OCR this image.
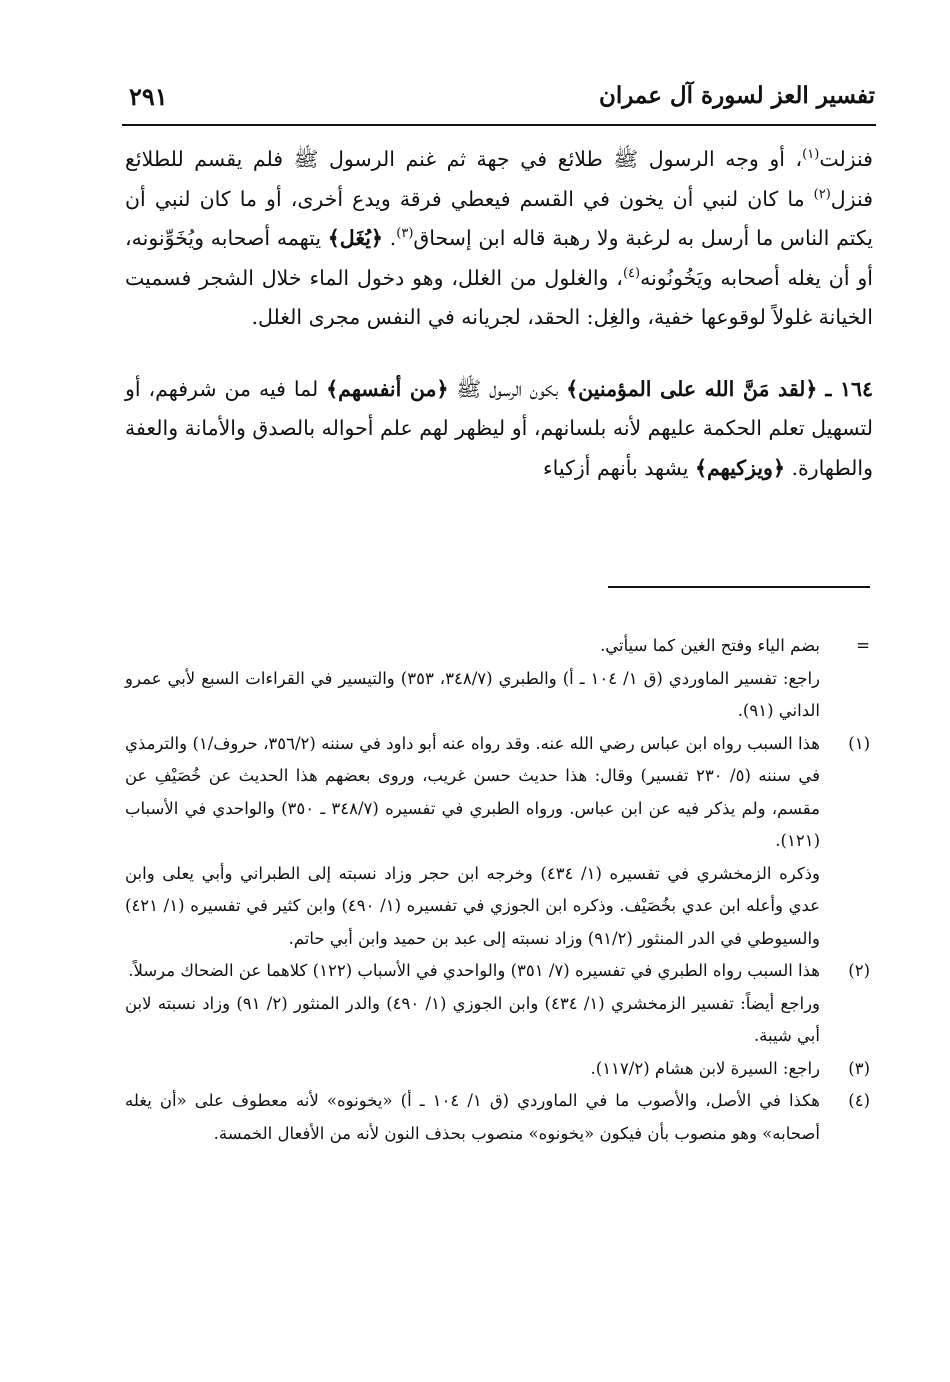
تفسير العز لسورة آل عمران
٢٩١

فنزلت$^{(١)}$، أو وجه الرسول ﷺ طلائع في جهة ثم غنم الرسول ﷺ فلم يقسم للطلائع فنزل$^{(٢)}$ ما كان لنبي أن يخون في القسم فيعطي فرقة ويدع أخرى، أو ما كان لنبي أن يكتم الناس ما أرسل به لرغبة ولا رهبة قاله ابن إسحاق$^{(٣)}$. ﴿يُغَل﴾ يتهمه أصحابه ويُخَوِّنونه، أو أن يغله أصحابه ويَخُونُونه$^{(٤)}$، والغلول من الغلل، وهو دخول الماء خلال الشجر فسميت الخيانة غلولاً لوقوعها خفية، والغِل: الحقد، لجريانه في النفس مجرى الغلل.

١٦٤ ـ ﴿لقد مَنَّ الله على المؤمنين﴾ بكون الرسول ﷺ ﴿من أنفسهم﴾ لما فيه من شرفهم، أو لتسهيل تعلم الحكمة عليهم لأنه بلسانهم، أو ليظهر لهم علم أحواله بالصدق والأمانة والعفة والطهارة. ﴿ويزكيهم﴾ يشهد بأنهم أزكياء

=

بضم الياء وفتح الغين كما سيأتي.

راجع: تفسير الماوردي (ق ١/ ١٠٤ ـ أ) والطبري (٣٤٨/٧، ٣٥٣) والتيسير في القراءات السبع لأبي عمرو الداني (٩١).

(١)

هذا السبب رواه ابن عباس رضي الله عنه. وقد رواه عنه أبو داود في سننه (٣٥٦/٢، حروف/١) والترمذي في سننه (٥/ ٢٣٠ تفسير) وقال: هذا حديث حسن غريب، وروى بعضهم هذا الحديث عن خُصَيْفِ عن مقسم، ولم يذكر فيه عن ابن عباس. ورواه الطبري في تفسيره (٣٤٨/٧ ـ ٣٥٠) والواحدي في الأسباب (١٢١).

وذكره الزمخشري في تفسيره (١/ ٤٣٤) وخرجه ابن حجر وزاد نسبته إلى الطبراني وأبي يعلى وابن عدي وأعله ابن عدي بخُصَيْف. وذكره ابن الجوزي في تفسيره (١/ ٤٩٠) وابن كثير في تفسيره (١/ ٤٢١) والسيوطي في الدر المنثور (٩١/٢) وزاد نسبته إلى عبد بن حميد وابن أبي حاتم.

(٢)

هذا السبب رواه الطبري في تفسيره (٧/ ٣٥١) والواحدي في الأسباب (١٢٢) كلاهما عن الضحاك مرسلاً.

وراجع أيضاً: تفسير الزمخشري (١/ ٤٣٤) وابن الجوزي (١/ ٤٩٠) والدر المنثور (٢/ ٩١) وزاد نسبته لابن أبي شيبة.

(٣)

راجع: السيرة لابن هشام (١١٧/٢).

(٤)

هكذا في الأصل، والأصوب ما في الماوردي (ق ١/ ١٠٤ ـ أ) «يخونوه» لأنه معطوف على «أن يغله أصحابه» وهو منصوب بأن فيكون «يخونوه» منصوب بحذف النون لأنه من الأفعال الخمسة.
